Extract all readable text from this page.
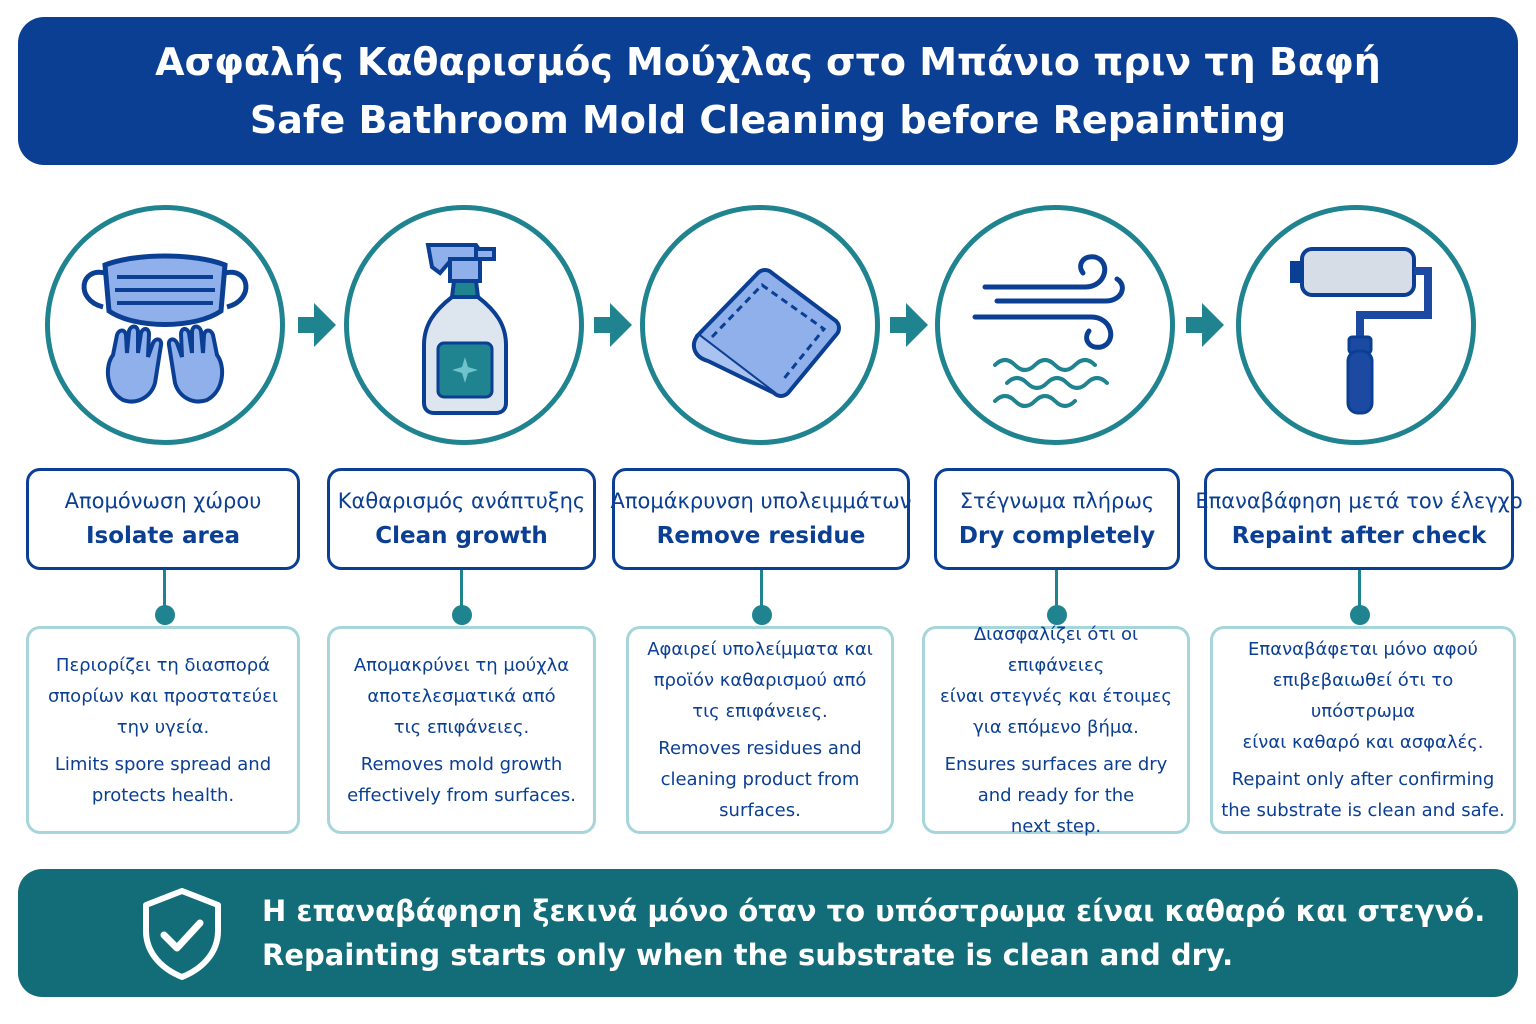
Ασφαλής Καθαρισμός Μούχλας στο Μπάνιο πριν τη Βαφή
Safe Bathroom Mold Cleaning before Repainting
Απομόνωση χώρου
Isolate area
Καθαρισμός ανάπτυξης
Clean growth
Απομάκρυνση υπολειμμάτων
Remove residue
Στέγνωμα πλήρως
Dry completely
Επαναβάφηση μετά τον έλεγχο
Repaint after check
Περιορίζει τη διασπορά
σπορίων και προστατεύει
την υγεία.
Limits spore spread and
protects health.
Απομακρύνει τη μούχλα
αποτελεσματικά από
τις επιφάνειες.
Removes mold growth
effectively from surfaces.
Αφαιρεί υπολείμματα και
προϊόν καθαρισμού από
τις επιφάνειες.
Removes residues and
cleaning product from
surfaces.
Διασφαλίζει ότι οι επιφάνειες
είναι στεγνές και έτοιμες
για επόμενο βήμα.
Ensures surfaces are dry
and ready for the
next step.
Επαναβάφεται μόνο αφού
επιβεβαιωθεί ότι το υπόστρωμα
είναι καθαρό και ασφαλές.
Repaint only after confirming
the substrate is clean and safe.
Η επαναβάφηση ξεκινά μόνο όταν το υπόστρωμα είναι καθαρό και στεγνό.
Repainting starts only when the substrate is clean and dry.
